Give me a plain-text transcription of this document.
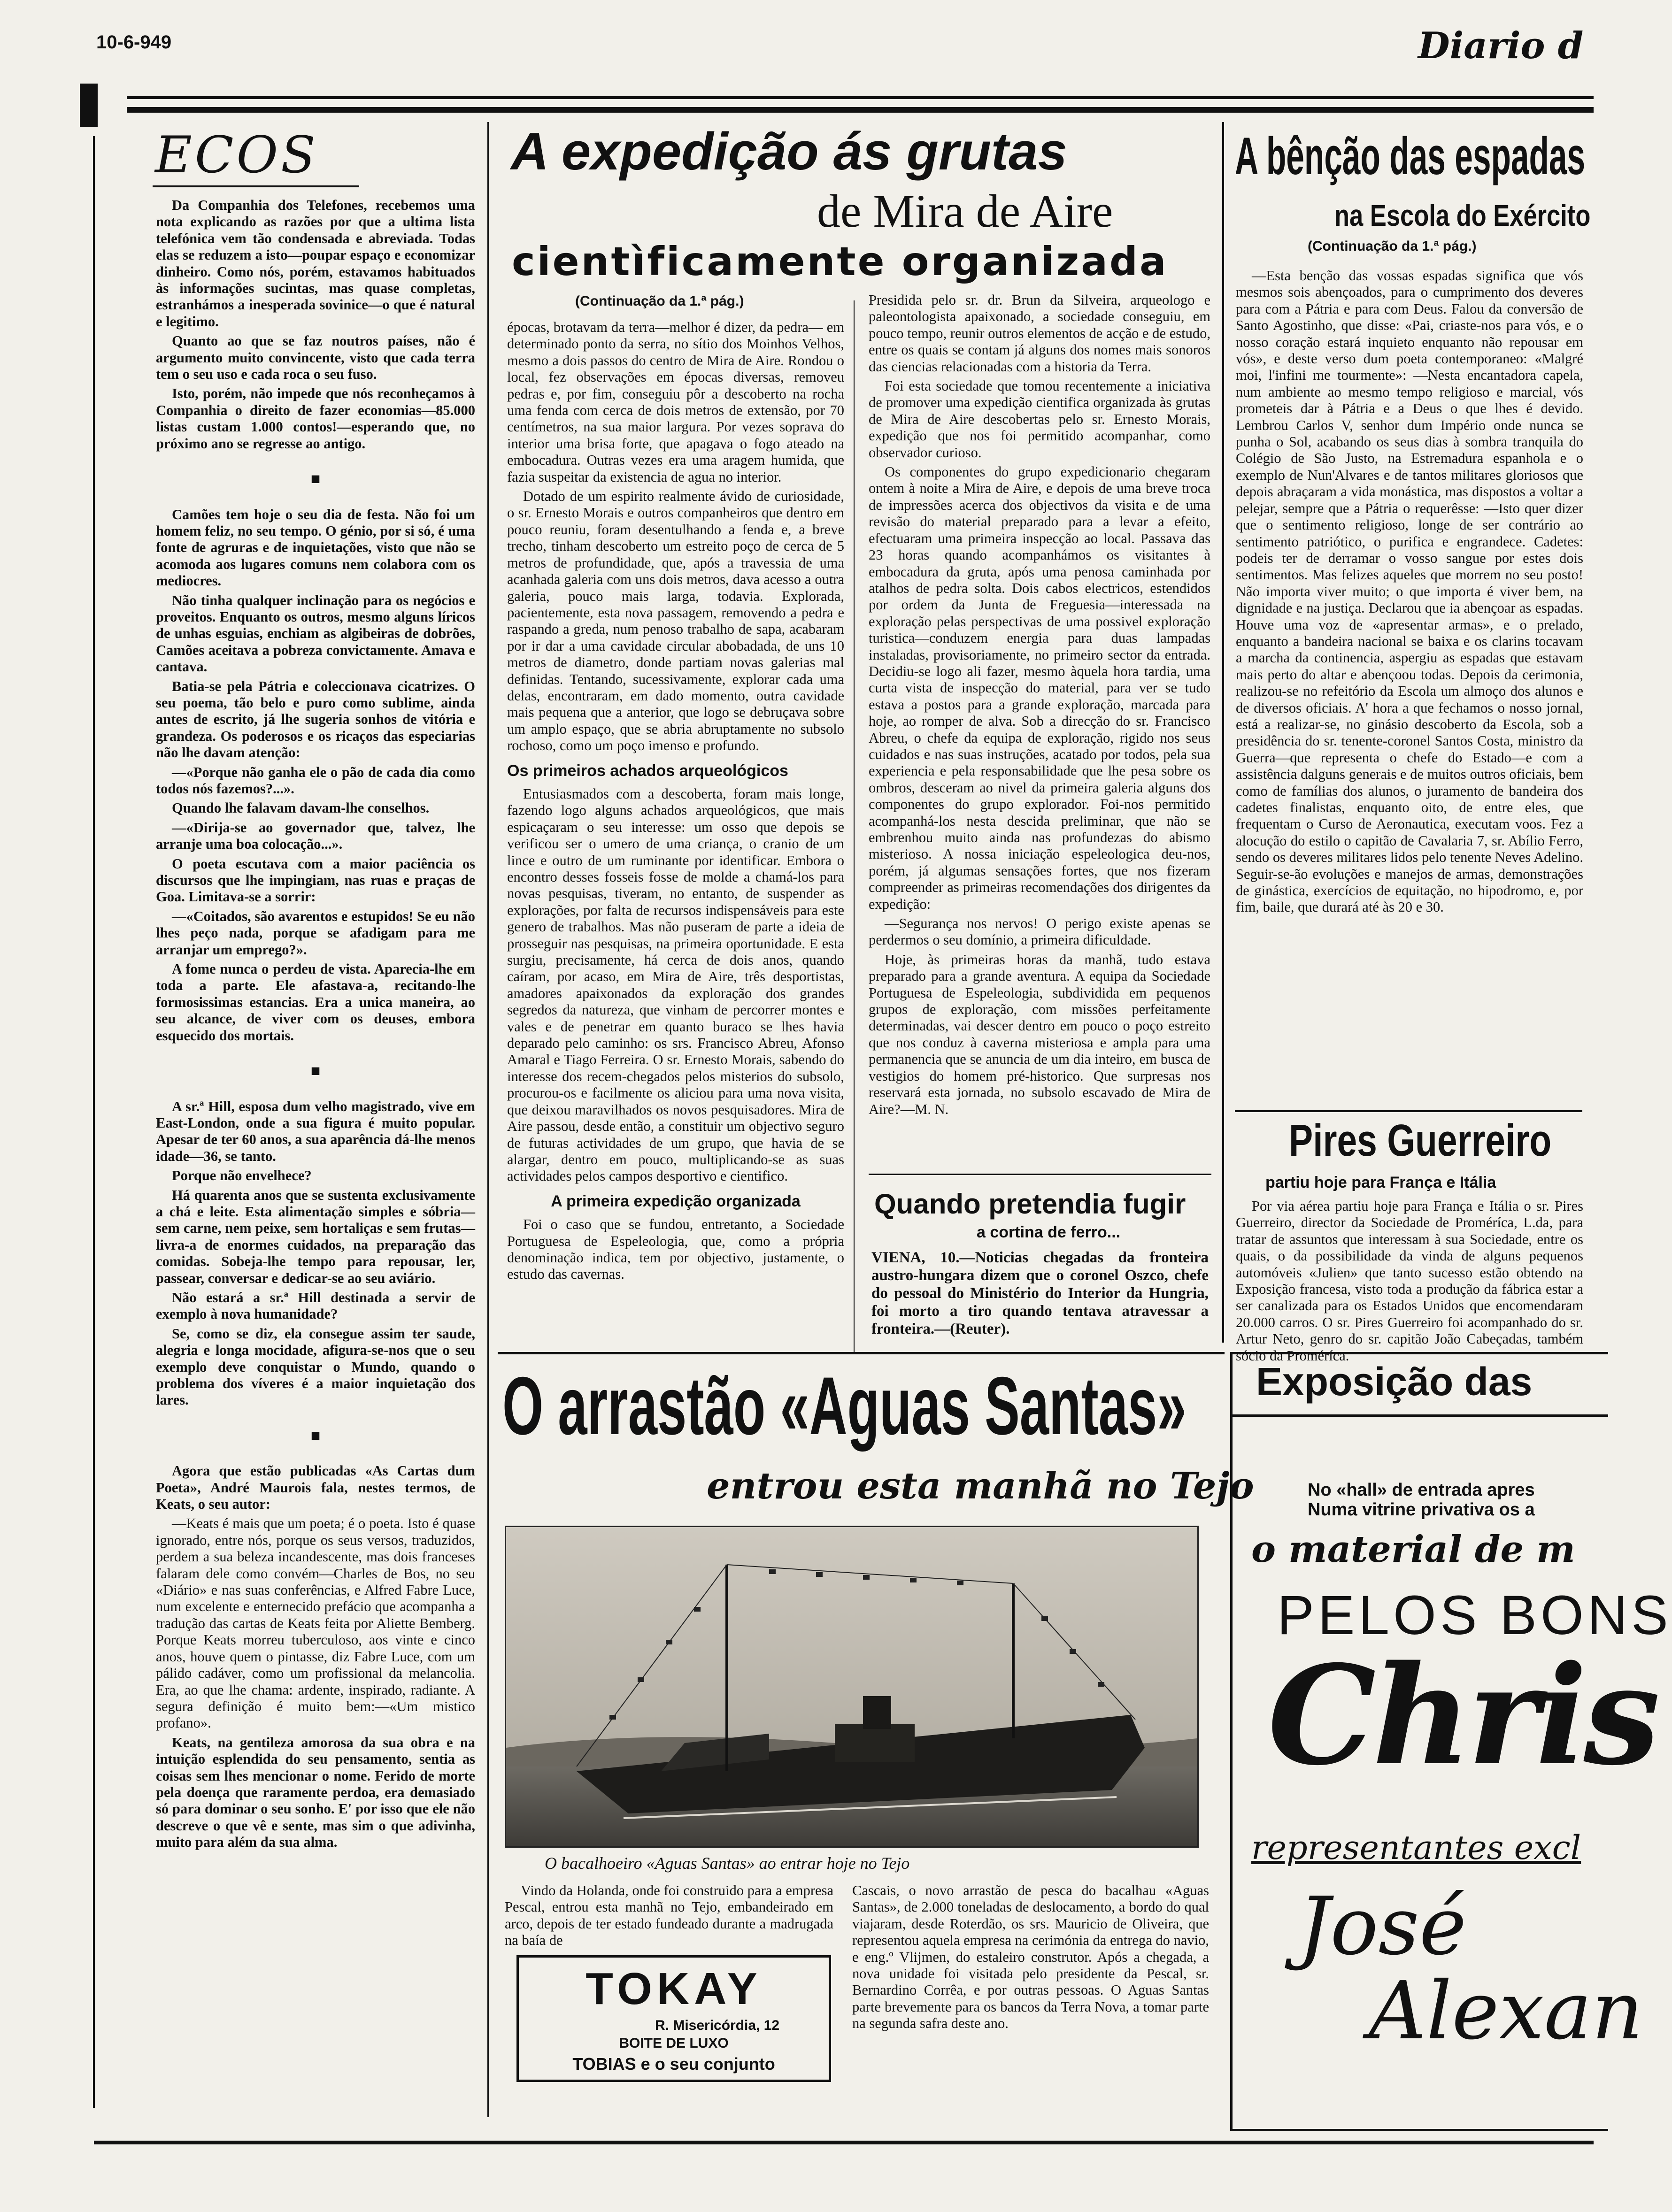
10-6-949	Diario d
ECOS

Da Companhia dos Telefones, recebemos uma nota explicando as razões por que a ultima lista telefónica vem tão condensada e abreviada. Todas elas se reduzem a isto—poupar espaço e economizar dinheiro. Como nós, porém, estavamos habituados às informações sucintas, mas quase completas, estranhámos a inesperada sovinice—o que é natural e legitimo.

Quanto ao que se faz noutros países, não é argumento muito convincente, visto que cada terra tem o seu uso e cada roca o seu fuso.

Isto, porém, não impede que nós reconheçamos à Companhia o direito de fazer economias—85.000 listas custam 1.000 contos!—esperando que, no próximo ano se regresse ao antigo.

■

Camões tem hoje o seu dia de festa. Não foi um homem feliz, no seu tempo. O génio, por si só, é uma fonte de agruras e de inquietações, visto que não se acomoda aos lugares comuns nem colabora com os mediocres.

Não tinha qualquer inclinação para os negócios e proveitos. Enquanto os outros, mesmo alguns líricos de unhas esguias, enchiam as algibeiras de dobrões, Camões aceitava a pobreza convictamente. Amava e cantava.

Batia-se pela Pátria e coleccionava cicatrizes. O seu poema, tão belo e puro como sublime, ainda antes de escrito, já lhe sugeria sonhos de vitória e grandeza. Os poderosos e os ricaços das especiarias não lhe davam atenção:

—«Porque não ganha ele o pão de cada dia como todos nós fazemos?...».

Quando lhe falavam davam-lhe conselhos.

—«Dirija-se ao governador que, talvez, lhe arranje uma boa colocação...».

O poeta escutava com a maior paciência os discursos que lhe impingiam, nas ruas e praças de Goa. Limitava-se a sorrir:

—«Coitados, são avarentos e estupidos! Se eu não lhes peço nada, porque se afadigam para me arranjar um emprego?».

A fome nunca o perdeu de vista. Aparecia-lhe em toda a parte. Ele afastava-a, recitando-lhe formosissimas estancias. Era a unica maneira, ao seu alcance, de viver com os deuses, embora esquecido dos mortais.

■

A sr.ª Hill, esposa dum velho magistrado, vive em East-London, onde a sua figura é muito popular. Apesar de ter 60 anos, a sua aparência dá-lhe menos idade—36, se tanto.

Porque não envelhece?

Há quarenta anos que se sustenta exclusivamente a chá e leite. Esta alimentação simples e sóbria—sem carne, nem peixe, sem hortaliças e sem frutas—livra-a de enormes cuidados, na preparação das comidas. Sobeja-lhe tempo para repousar, ler, passear, conversar e dedicar-se ao seu aviário.

Não estará a sr.ª Hill destinada a servir de exemplo à nova humanidade?

Se, como se diz, ela consegue assim ter saude, alegria e longa mocidade, afigura-se-nos que o seu exemplo deve conquistar o Mundo, quando o problema dos víveres é a maior inquietação dos lares.

■

Agora que estão publicadas «As Cartas dum Poeta», André Maurois fala, nestes termos, de Keats, o seu autor:

—Keats é mais que um poeta; é o poeta. Isto é quase ignorado, entre nós, porque os seus versos, traduzidos, perdem a sua beleza incandescente, mas dois franceses falaram dele como convém—Charles de Bos, no seu «Diário» e nas suas conferências, e Alfred Fabre Luce, num excelente e enternecido prefácio que acompanha a tradução das cartas de Keats feita por Aliette Bemberg. Porque Keats morreu tuberculoso, aos vinte e cinco anos, houve quem o pintasse, diz Fabre Luce, com um pálido cadáver, como um profissional da melancolia. Era, ao que lhe chama: ardente, inspirado, radiante. A segura definição é muito bem:—«Um mistico profano».

Keats, na gentileza amorosa da sua obra e na intuição esplendida do seu pensamento, sentia as coisas sem lhes mencionar o nome. Ferido de morte pela doença que raramente perdoa, era demasiado só para dominar o seu sonho. E' por isso que ele não descreve o que vê e sente, mas sim o que adivinha, muito para além da sua alma.

A expedição ás grutas
de Mira de Aire
cientìficamente organizada
(Continuação da 1.ª pág.)

épocas, brotavam da terra—melhor é dizer, da pedra— em determinado ponto da serra, no sítio dos Moinhos Velhos, mesmo a dois passos do centro de Mira de Aire. Rondou o local, fez observações em épocas diversas, removeu pedras e, por fim, conseguiu pôr a descoberto na rocha uma fenda com cerca de dois metros de extensão, por 70 centímetros, na sua maior largura. Por vezes soprava do interior uma brisa forte, que apagava o fogo ateado na embocadura. Outras vezes era uma aragem humida, que fazia suspeitar da existencia de agua no interior.

Dotado de um espirito realmente ávido de curiosidade, o sr. Ernesto Morais e outros companheiros que dentro em pouco reuniu, foram desentulhando a fenda e, a breve trecho, tinham descoberto um estreito poço de cerca de 5 metros de profundidade, que, após a travessia de uma acanhada galeria com uns dois metros, dava acesso a outra galeria, pouco mais larga, todavia. Explorada, pacientemente, esta nova passagem, removendo a pedra e raspando a greda, num penoso trabalho de sapa, acabaram por ir dar a uma cavidade circular abobadada, de uns 10 metros de diametro, donde partiam novas galerias mal definidas. Tentando, sucessivamente, explorar cada uma delas, encontraram, em dado momento, outra cavidade mais pequena que a anterior, que logo se debruçava sobre um amplo espaço, que se abria abruptamente no subsolo rochoso, como um poço imenso e profundo.

Os primeiros achados arqueológicos

Entusiasmados com a descoberta, foram mais longe, fazendo logo alguns achados arqueológicos, que mais espicaçaram o seu interesse: um osso que depois se verificou ser o umero de uma criança, o cranio de um lince e outro de um ruminante por identificar. Embora o encontro desses fosseis fosse de molde a chamá-los para novas pesquisas, tiveram, no entanto, de suspender as explorações, por falta de recursos indispensáveis para este genero de trabalhos. Mas não puseram de parte a ideia de prosseguir nas pesquisas, na primeira oportunidade. E esta surgiu, precisamente, há cerca de dois anos, quando caíram, por acaso, em Mira de Aire, três desportistas, amadores apaixonados da exploração dos grandes segredos da natureza, que vinham de percorrer montes e vales e de penetrar em quanto buraco se lhes havia deparado pelo caminho: os srs. Francisco Abreu, Afonso Amaral e Tiago Ferreira. O sr. Ernesto Morais, sabendo do interesse dos recem-chegados pelos misterios do subsolo, procurou-os e facilmente os aliciou para uma nova visita, que deixou maravilhados os novos pesquisadores. Mira de Aire passou, desde então, a constituir um objectivo seguro de futuras actividades de um grupo, que havia de se alargar, dentro em pouco, multiplicando-se as suas actividades pelos campos desportivo e cientifico.

A primeira expedição organizada

Foi o caso que se fundou, entretanto, a Sociedade Portuguesa de Espeleologia, que, como a própria denominação indica, tem por objectivo, justamente, o estudo das cavernas.

Presidida pelo sr. dr. Brun da Silveira, arqueologo e paleontologista apaixonado, a sociedade conseguiu, em pouco tempo, reunir outros elementos de acção e de estudo, entre os quais se contam já alguns dos nomes mais sonoros das ciencias relacionadas com a historia da Terra.

Foi esta sociedade que tomou recentemente a iniciativa de promover uma expedição cientifica organizada às grutas de Mira de Aire descobertas pelo sr. Ernesto Morais, expedição que nos foi permitido acompanhar, como observador curioso.

Os componentes do grupo expedicionario chegaram ontem à noite a Mira de Aire, e depois de uma breve troca de impressões acerca dos objectivos da visita e de uma revisão do material preparado para a levar a efeito, efectuaram uma primeira inspecção ao local. Passava das 23 horas quando acompanhámos os visitantes à embocadura da gruta, após uma penosa caminhada por atalhos de pedra solta. Dois cabos electricos, estendidos por ordem da Junta de Freguesia—interessada na exploração pelas perspectivas de uma possivel exploração turistica—conduzem energia para duas lampadas instaladas, provisoriamente, no primeiro sector da entrada. Decidiu-se logo ali fazer, mesmo àquela hora tardia, uma curta vista de inspecção do material, para ver se tudo estava a postos para a grande exploração, marcada para hoje, ao romper de alva. Sob a direcção do sr. Francisco Abreu, o chefe da equipa de exploração, rigido nos seus cuidados e nas suas instruções, acatado por todos, pela sua experiencia e pela responsabilidade que lhe pesa sobre os ombros, desceram ao nivel da primeira galeria alguns dos componentes do grupo explorador. Foi-nos permitido acompanhá-los nesta descida preliminar, que não se embrenhou muito ainda nas profundezas do abismo misterioso. A nossa iniciação espeleologica deu-nos, porém, já algumas sensações fortes, que nos fizeram compreender as primeiras recomendações dos dirigentes da expedição:

—Segurança nos nervos! O perigo existe apenas se perdermos o seu domínio, a primeira dificuldade.

Hoje, às primeiras horas da manhã, tudo estava preparado para a grande aventura. A equipa da Sociedade Portuguesa de Espeleologia, subdividida em pequenos grupos de exploração, com missões perfeitamente determinadas, vai descer dentro em pouco o poço estreito que nos conduz à caverna misteriosa e ampla para uma permanencia que se anuncia de um dia inteiro, em busca de vestigios do homem pré-historico. Que surpresas nos reservará esta jornada, no subsolo escavado de Mira de Aire?—M. N.

Quando pretendia fugir
a cortina de ferro...
VIENA, 10.—Noticias chegadas da fronteira austro-hungara dizem que o coronel Oszco, chefe do pessoal do Ministério do Interior da Hungria, foi morto a tiro quando tentava atravessar a fronteira.—(Reuter).
A bênção das espadas
na Escola do Exército
(Continuação da 1.ª pág.)
—Esta benção das vossas espadas significa que vós mesmos sois abençoados, para o cumprimento dos deveres para com a Pátria e para com Deus. Falou da conversão de Santo Agostinho, que disse: «Pai, criaste-nos para vós, e o nosso coração estará inquieto enquanto não repousar em vós», e deste verso dum poeta contemporaneo: «Malgré moi, l'infini me tourmente»: —Nesta encantadora capela, num ambiente ao mesmo tempo religioso e marcial, vós prometeis dar à Pátria e a Deus o que lhes é devido. Lembrou Carlos V, senhor dum Império onde nunca se punha o Sol, acabando os seus dias à sombra tranquila do Colégio de São Justo, na Estremadura espanhola e o exemplo de Nun'Alvares e de tantos militares gloriosos que depois abraçaram a vida monástica, mas dispostos a voltar a pelejar, sempre que a Pátria o requerêsse: —Isto quer dizer que o sentimento religioso, longe de ser contrário ao sentimento patriótico, o purifica e engrandece. Cadetes: podeis ter de derramar o vosso sangue por estes dois sentimentos. Mas felizes aqueles que morrem no seu posto! Não importa viver muito; o que importa é viver bem, na dignidade e na justiça. Declarou que ia abençoar as espadas. Houve uma voz de «apresentar armas», e o prelado, enquanto a bandeira nacional se baixa e os clarins tocavam a marcha da continencia, aspergiu as espadas que estavam mais perto do altar e abençoou todas. Depois da cerimonia, realizou-se no refeitório da Escola um almoço dos alunos e de diversos oficiais. A' hora a que fechamos o nosso jornal, está a realizar-se, no ginásio descoberto da Escola, sob a presidência do sr. tenente-coronel Santos Costa, ministro da Guerra—que representa o chefe do Estado—e com a assistência dalguns generais e de muitos outros oficiais, bem como de famílias dos alunos, o juramento de bandeira dos cadetes finalistas, enquanto oito, de entre eles, que frequentam o Curso de Aeronautica, executam voos. Fez a alocução do estilo o capitão de Cavalaria 7, sr. Abílio Ferro, sendo os deveres militares lidos pelo tenente Neves Adelino. Seguir-se-ão evoluções e manejos de armas, demonstrações de ginástica, exercícios de equitação, no hipodromo, e, por fim, baile, que durará até às 20 e 30.
Pires Guerreiro
partiu hoje para França e Itália
Por via aérea partiu hoje para França e Itália o sr. Pires Guerreiro, director da Sociedade de Proméríca, L.da, para tratar de assuntos que interessam à sua Sociedade, entre os quais, o da possibilidade da vinda de alguns pequenos automóveis «Julien» que tanto sucesso estão obtendo na Exposição francesa, visto toda a produção da fábrica estar a ser canalizada para os Estados Unidos que encomendaram 20.000 carros. O sr. Pires Guerreiro foi acompanhado do sr. Artur Neto, genro do sr. capitão João Cabeçadas, também sócio da Proméríca.
Exposição das
No «hall» de entrada apres
Numa vitrine privativa os a
o material de m
PELOS BONS
Chris
representantes excl
José
Alexan
O arrastão «Aguas Santas»
entrou esta manhã no Tejo
O bacalhoeiro «Aguas Santas» ao entrar hoje no Tejo
Vindo da Holanda, onde foi construido para a empresa Pescal, entrou esta manhã no Tejo, embandeirado em arco, depois de ter estado fundeado durante a madrugada na baía de
Cascais, o novo arrastão de pesca do bacalhau «Aguas Santas», de 2.000 toneladas de deslocamento, a bordo do qual viajaram, desde Roterdão, os srs. Mauricio de Oliveira, que representou aquela empresa na cerimónia da entrega do navio, e eng.º Vlijmen, do estaleiro construtor. Após a chegada, a nova unidade foi visitada pelo presidente da Pescal, sr. Bernardino Corrêa, e por outras pessoas. O Aguas Santas parte brevemente para os bancos da Terra Nova, a tomar parte na segunda safra deste ano.
TOKAY
R. Misericórdia, 12
BOITE DE LUXO
TOBIAS e o seu conjunto
